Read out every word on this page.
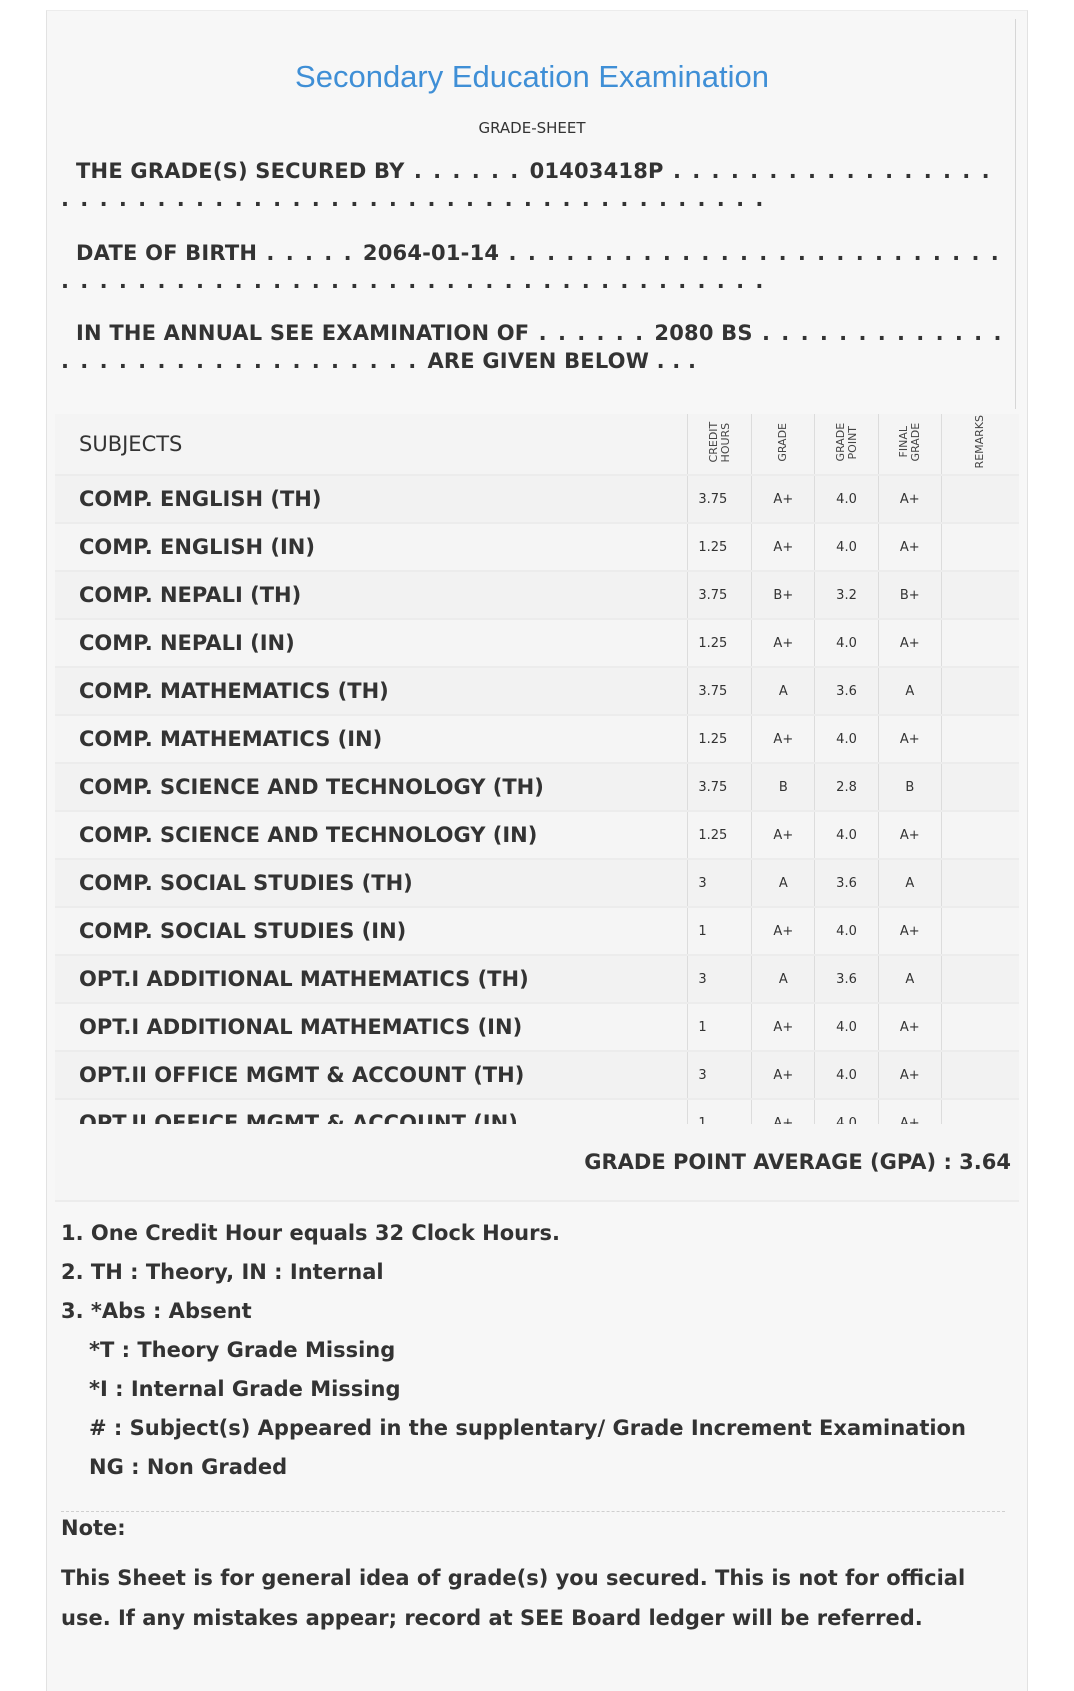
Secondary Education Examination
GRADE-SHEET
THE GRADE(S) SECURED BY . . . . . . 01403418P . . . . . . . . . . . . . . . . . . . . . . . . . . . . . . . . . . . . . . . . . . . . . . . . . . . . . .
DATE OF BIRTH . . . . . 2064-01-14 . . . . . . . . . . . . . . . . . . . . . . . . . . . . . . . . . . . . . . . . . . . . . . . . . . . . . . . . . . . . . . .
IN THE ANNUAL SEE EXAMINATION OF . . . . . . 2080 BS . . . . . . . . . . . . . . . . . . . . . . . . . . . . . . . . ARE GIVEN BELOW . . .
SUBJECTS	CREDIT HOURS	GRADE	GRADE POINT	FINAL GRADE	REMARKS
COMP. ENGLISH (TH)	3.75	A+	4.0	A+	
COMP. ENGLISH (IN)	1.25	A+	4.0	A+	
COMP. NEPALI (TH)	3.75	B+	3.2	B+	
COMP. NEPALI (IN)	1.25	A+	4.0	A+	
COMP. MATHEMATICS (TH)	3.75	A	3.6	A	
COMP. MATHEMATICS (IN)	1.25	A+	4.0	A+	
COMP. SCIENCE AND TECHNOLOGY (TH)	3.75	B	2.8	B	
COMP. SCIENCE AND TECHNOLOGY (IN)	1.25	A+	4.0	A+	
COMP. SOCIAL STUDIES (TH)	3	A	3.6	A	
COMP. SOCIAL STUDIES (IN)	1	A+	4.0	A+	
OPT.I ADDITIONAL MATHEMATICS (TH)	3	A	3.6	A	
OPT.I ADDITIONAL MATHEMATICS (IN)	1	A+	4.0	A+	
OPT.II OFFICE MGMT & ACCOUNT (TH)	3	A+	4.0	A+	

GRADE POINT AVERAGE (GPA) : 3.64
1. One Credit Hour equals 32 Clock Hours.
2. TH : Theory, IN : Internal
3. *Abs : Absent
*T : Theory Grade Missing
*I : Internal Grade Missing
# : Subject(s) Appeared in the supplentary/ Grade Increment Examination
NG : Non Graded
Note:
This Sheet is for general idea of grade(s) you secured. This is not for official use. If any mistakes appear; record at SEE Board ledger will be referred.
